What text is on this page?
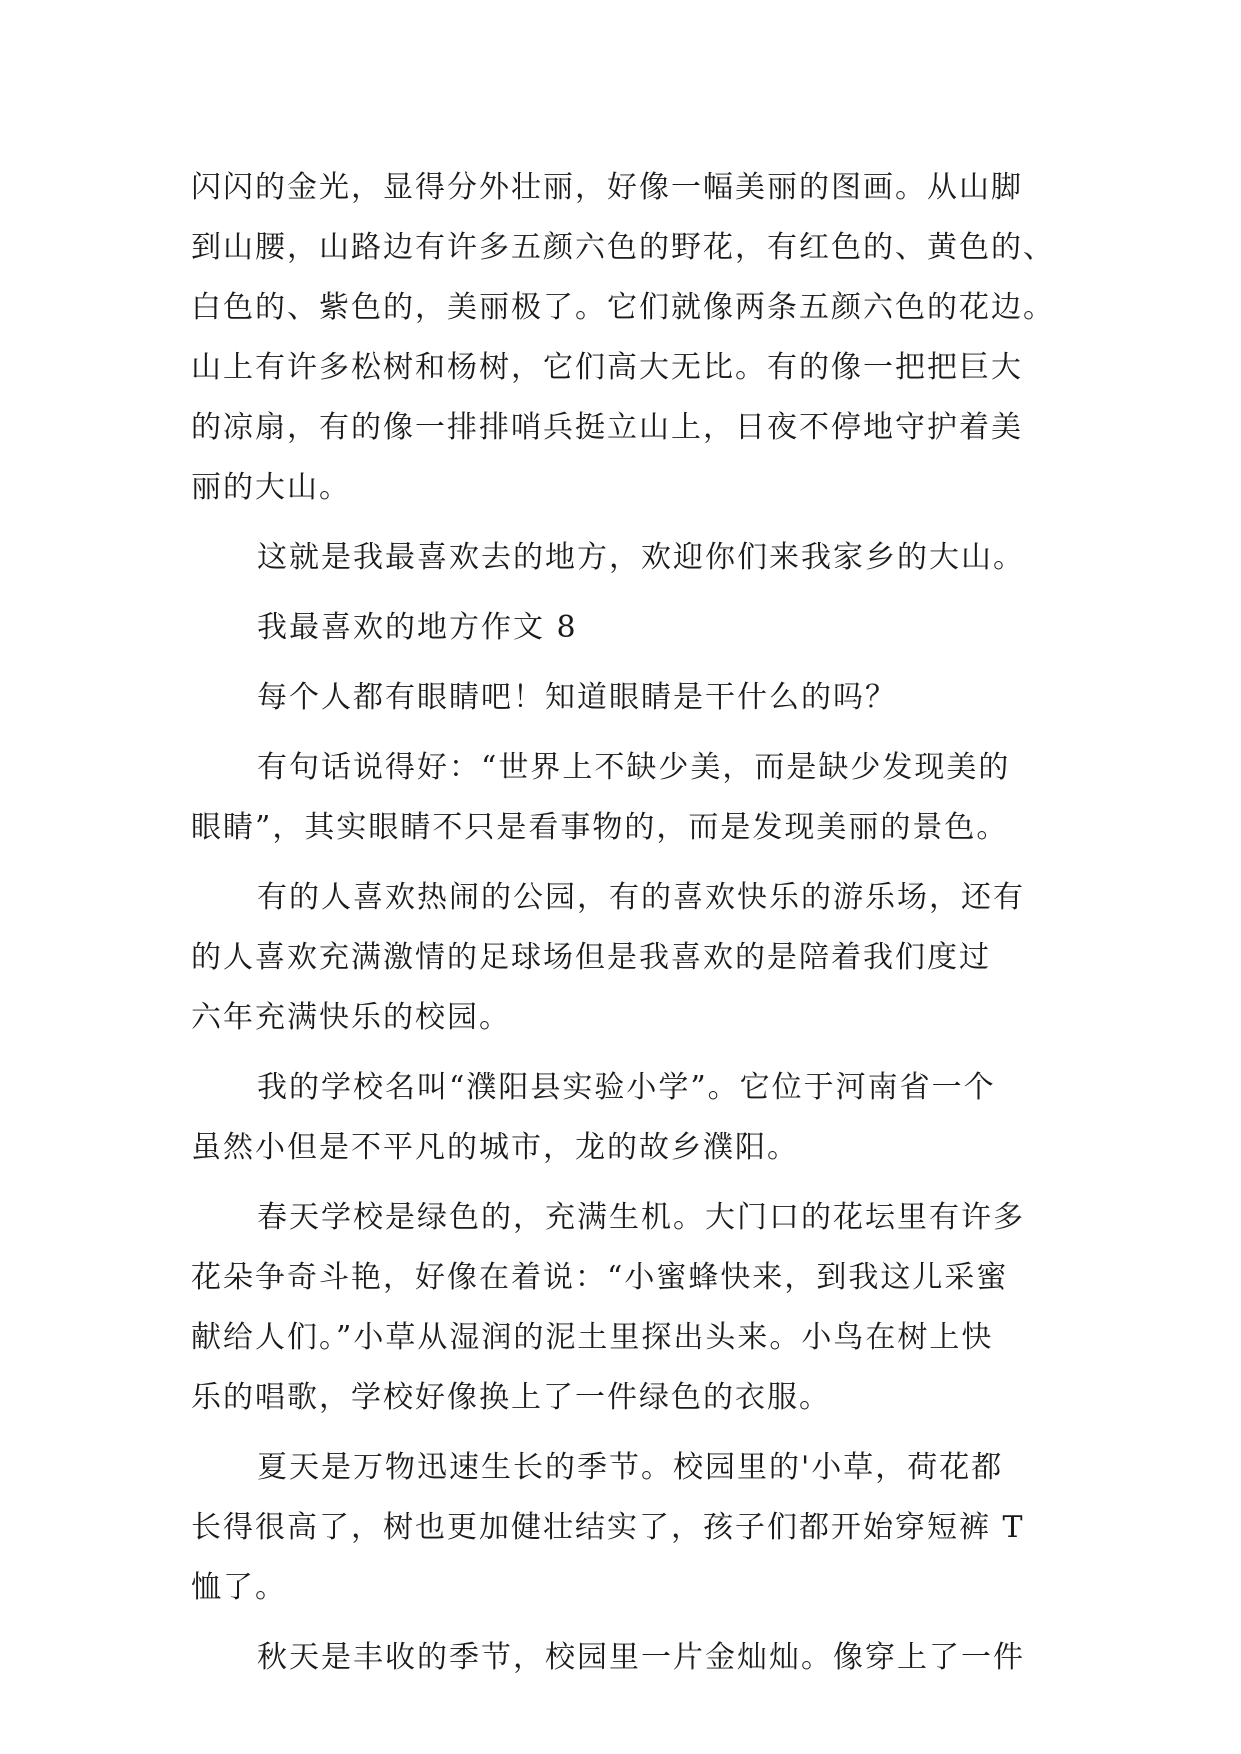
闪闪的金光，显得分外壮丽，好像一幅美丽的图画。从山脚
到山腰，山路边有许多五颜六色的野花，有红色的、黄色的、
白色的、紫色的，美丽极了。它们就像两条五颜六色的花边。
山上有许多松树和杨树，它们高大无比。有的像一把把巨大
的凉扇，有的像一排排哨兵挺立山上，日夜不停地守护着美
丽的大山。
这就是我最喜欢去的地方，欢迎你们来我家乡的大山。
我最喜欢的地方作文 8
每个人都有眼睛吧！知道眼睛是干什么的吗？
有句话说得好：“世界上不缺少美，而是缺少发现美的
眼睛”，其实眼睛不只是看事物的，而是发现美丽的景色。
有的人喜欢热闹的公园，有的喜欢快乐的游乐场，还有
的人喜欢充满激情的足球场但是我喜欢的是陪着我们度过
六年充满快乐的校园。
我的学校名叫“濮阳县实验小学”。它位于河南省一个
虽然小但是不平凡的城市，龙的故乡濮阳。
春天学校是绿色的，充满生机。大门口的花坛里有许多
花朵争奇斗艳，好像在着说：“小蜜蜂快来，到我这儿采蜜
献给人们。”小草从湿润的泥土里探出头来。小鸟在树上快
乐的唱歌，学校好像换上了一件绿色的衣服。
夏天是万物迅速生长的季节。校园里的'小草，荷花都
长得很高了，树也更加健壮结实了，孩子们都开始穿短裤 T
恤了。
秋天是丰收的季节，校园里一片金灿灿。像穿上了一件
